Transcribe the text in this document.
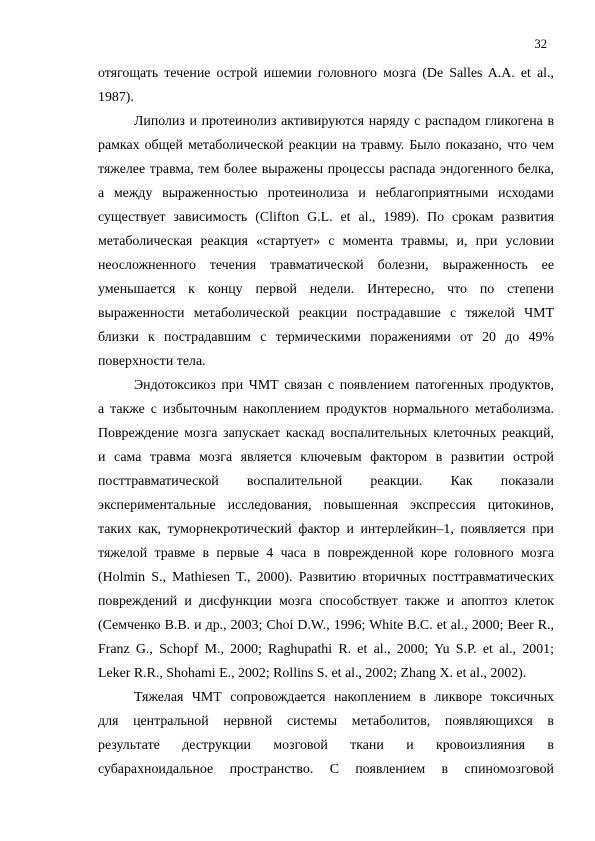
32
отягощать течение острой ишемии головного мозга (De Salles A.A. et al.,
1987).
Липолиз и протеинолиз активируются наряду с распадом гликогена в
рамках общей метаболической реакции на травму. Было показано, что чем
тяжелее травма, тем более выражены процессы распада эндогенного белка,
а между выраженностью протеинолиза и неблагоприятными исходами
существует зависимость (Clifton G.L. et al., 1989). По срокам развития
метаболическая реакция «стартует» с момента травмы, и, при условии
неосложненного течения травматической болезни, выраженность ее
уменьшается к концу первой недели. Интересно, что по степени
выраженности метаболической реакции пострадавшие с тяжелой ЧМТ
близки к пострадавшим с термическими поражениями от 20 до 49%
поверхности тела.
Эндотоксикоз при ЧМТ связан с появлением патогенных продуктов,
а также с избыточным накоплением продуктов нормального метаболизма.
Повреждение мозга запускает каскад воспалительных клеточных реакций,
и сама травма мозга является ключевым фактором в развитии острой
посттравматической воспалительной реакции. Как показали
экспериментальные исследования, повышенная экспрессия цитокинов,
таких как, туморнекротический фактор и интерлейкин–1, появляется при
тяжелой травме в первые 4 часа в поврежденной коре головного мозга
(Holmin S., Mathiesen T., 2000). Развитию вторичных посттравматических
повреждений и дисфункции мозга способствует также и апоптоз клеток
(Семченко В.В. и др., 2003; Choi D.W., 1996; White B.C. et al., 2000; Beer R.,
Franz G., Schopf M., 2000; Raghupathi R. et al., 2000; Yu S.P. et al., 2001;
Leker R.R., Shohami E., 2002; Rollins S. et al., 2002; Zhang X. et al., 2002).
Тяжелая ЧМТ сопровождается накоплением в ликворе токсичных
для центральной нервной системы метаболитов, появляющихся в
результате деструкции мозговой ткани и кровоизлияния в
субарахноидальное пространство. С появлением в спиномозговой
